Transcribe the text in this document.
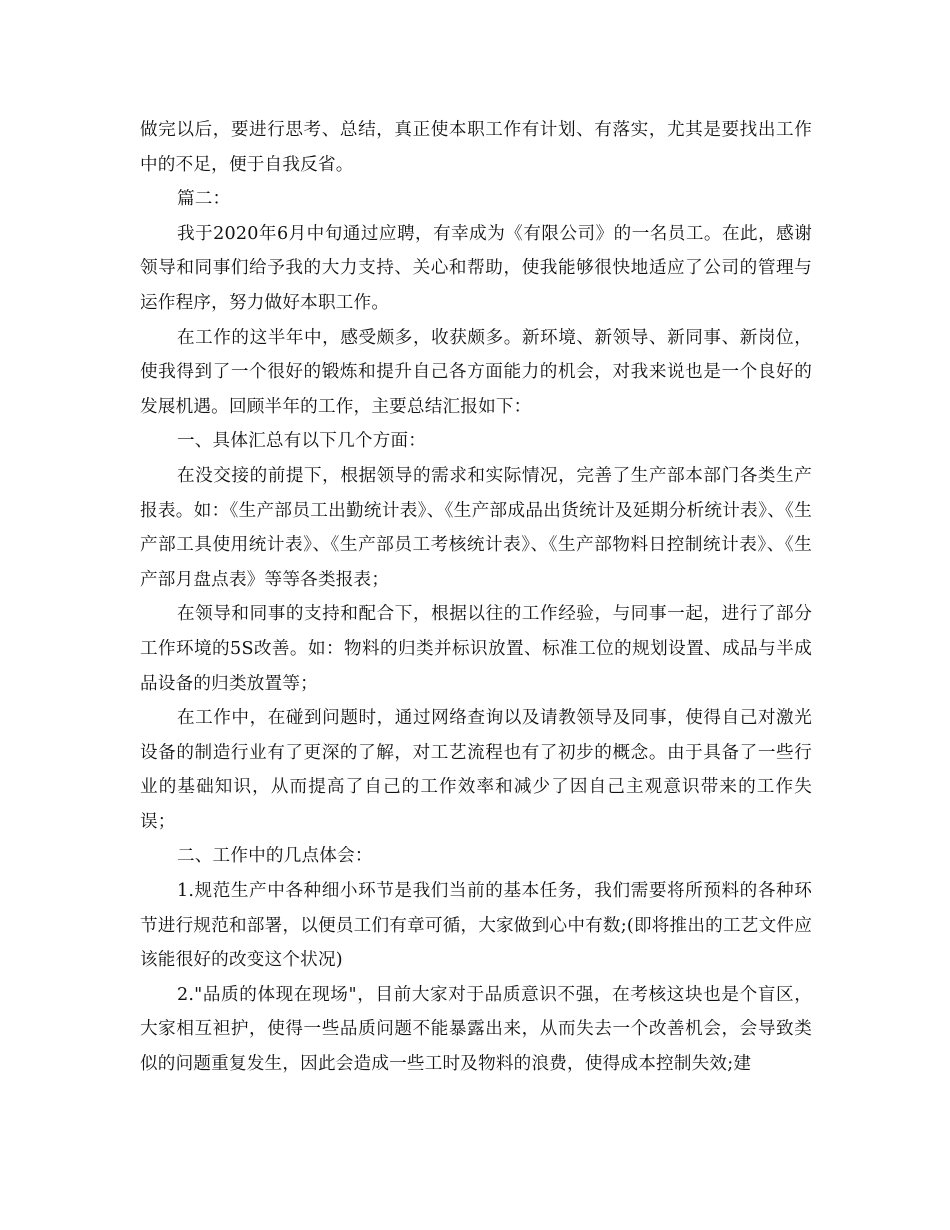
做完以后，要进行思考、总结，真正使本职工作有计划、有落实，尤其是要找出工作中的不足，便于自我反省。

篇二：

我于2020年6月中旬通过应聘，有幸成为《有限公司》的一名员工。在此，感谢领导和同事们给予我的大力支持、关心和帮助，使我能够很快地适应了公司的管理与运作程序，努力做好本职工作。

在工作的这半年中，感受颇多，收获颇多。新环境、新领导、新同事、新岗位，使我得到了一个很好的锻炼和提升自己各方面能力的机会，对我来说也是一个良好的发展机遇。回顾半年的工作，主要总结汇报如下：

一、具体汇总有以下几个方面：

在没交接的前提下，根据领导的需求和实际情况，完善了生产部本部门各类生产报表。如：《生产部员工出勤统计表》、《生产部成品出货统计及延期分析统计表》、《生产部工具使用统计表》、《生产部员工考核统计表》、《生产部物料日控制统计表》、《生产部月盘点表》等等各类报表；

在领导和同事的支持和配合下，根据以往的工作经验，与同事一起，进行了部分工作环境的5S改善。如：物料的归类并标识放置、标准工位的规划设置、成品与半成品设备的归类放置等；

在工作中，在碰到问题时，通过网络查询以及请教领导及同事，使得自己对激光设备的制造行业有了更深的了解，对工艺流程也有了初步的概念。由于具备了一些行业的基础知识，从而提高了自己的工作效率和减少了因自己主观意识带来的工作失误；

二、工作中的几点体会：

1.规范生产中各种细小环节是我们当前的基本任务，我们需要将所预料的各种环节进行规范和部署，以便员工们有章可循，大家做到心中有数;(即将推出的工艺文件应该能很好的改变这个状况)

2."品质的体现在现场"，目前大家对于品质意识不强，在考核这块也是个盲区，大家相互袒护，使得一些品质问题不能暴露出来，从而失去一个改善机会，会导致类似的问题重复发生，因此会造成一些工时及物料的浪费，使得成本控制失效;建
